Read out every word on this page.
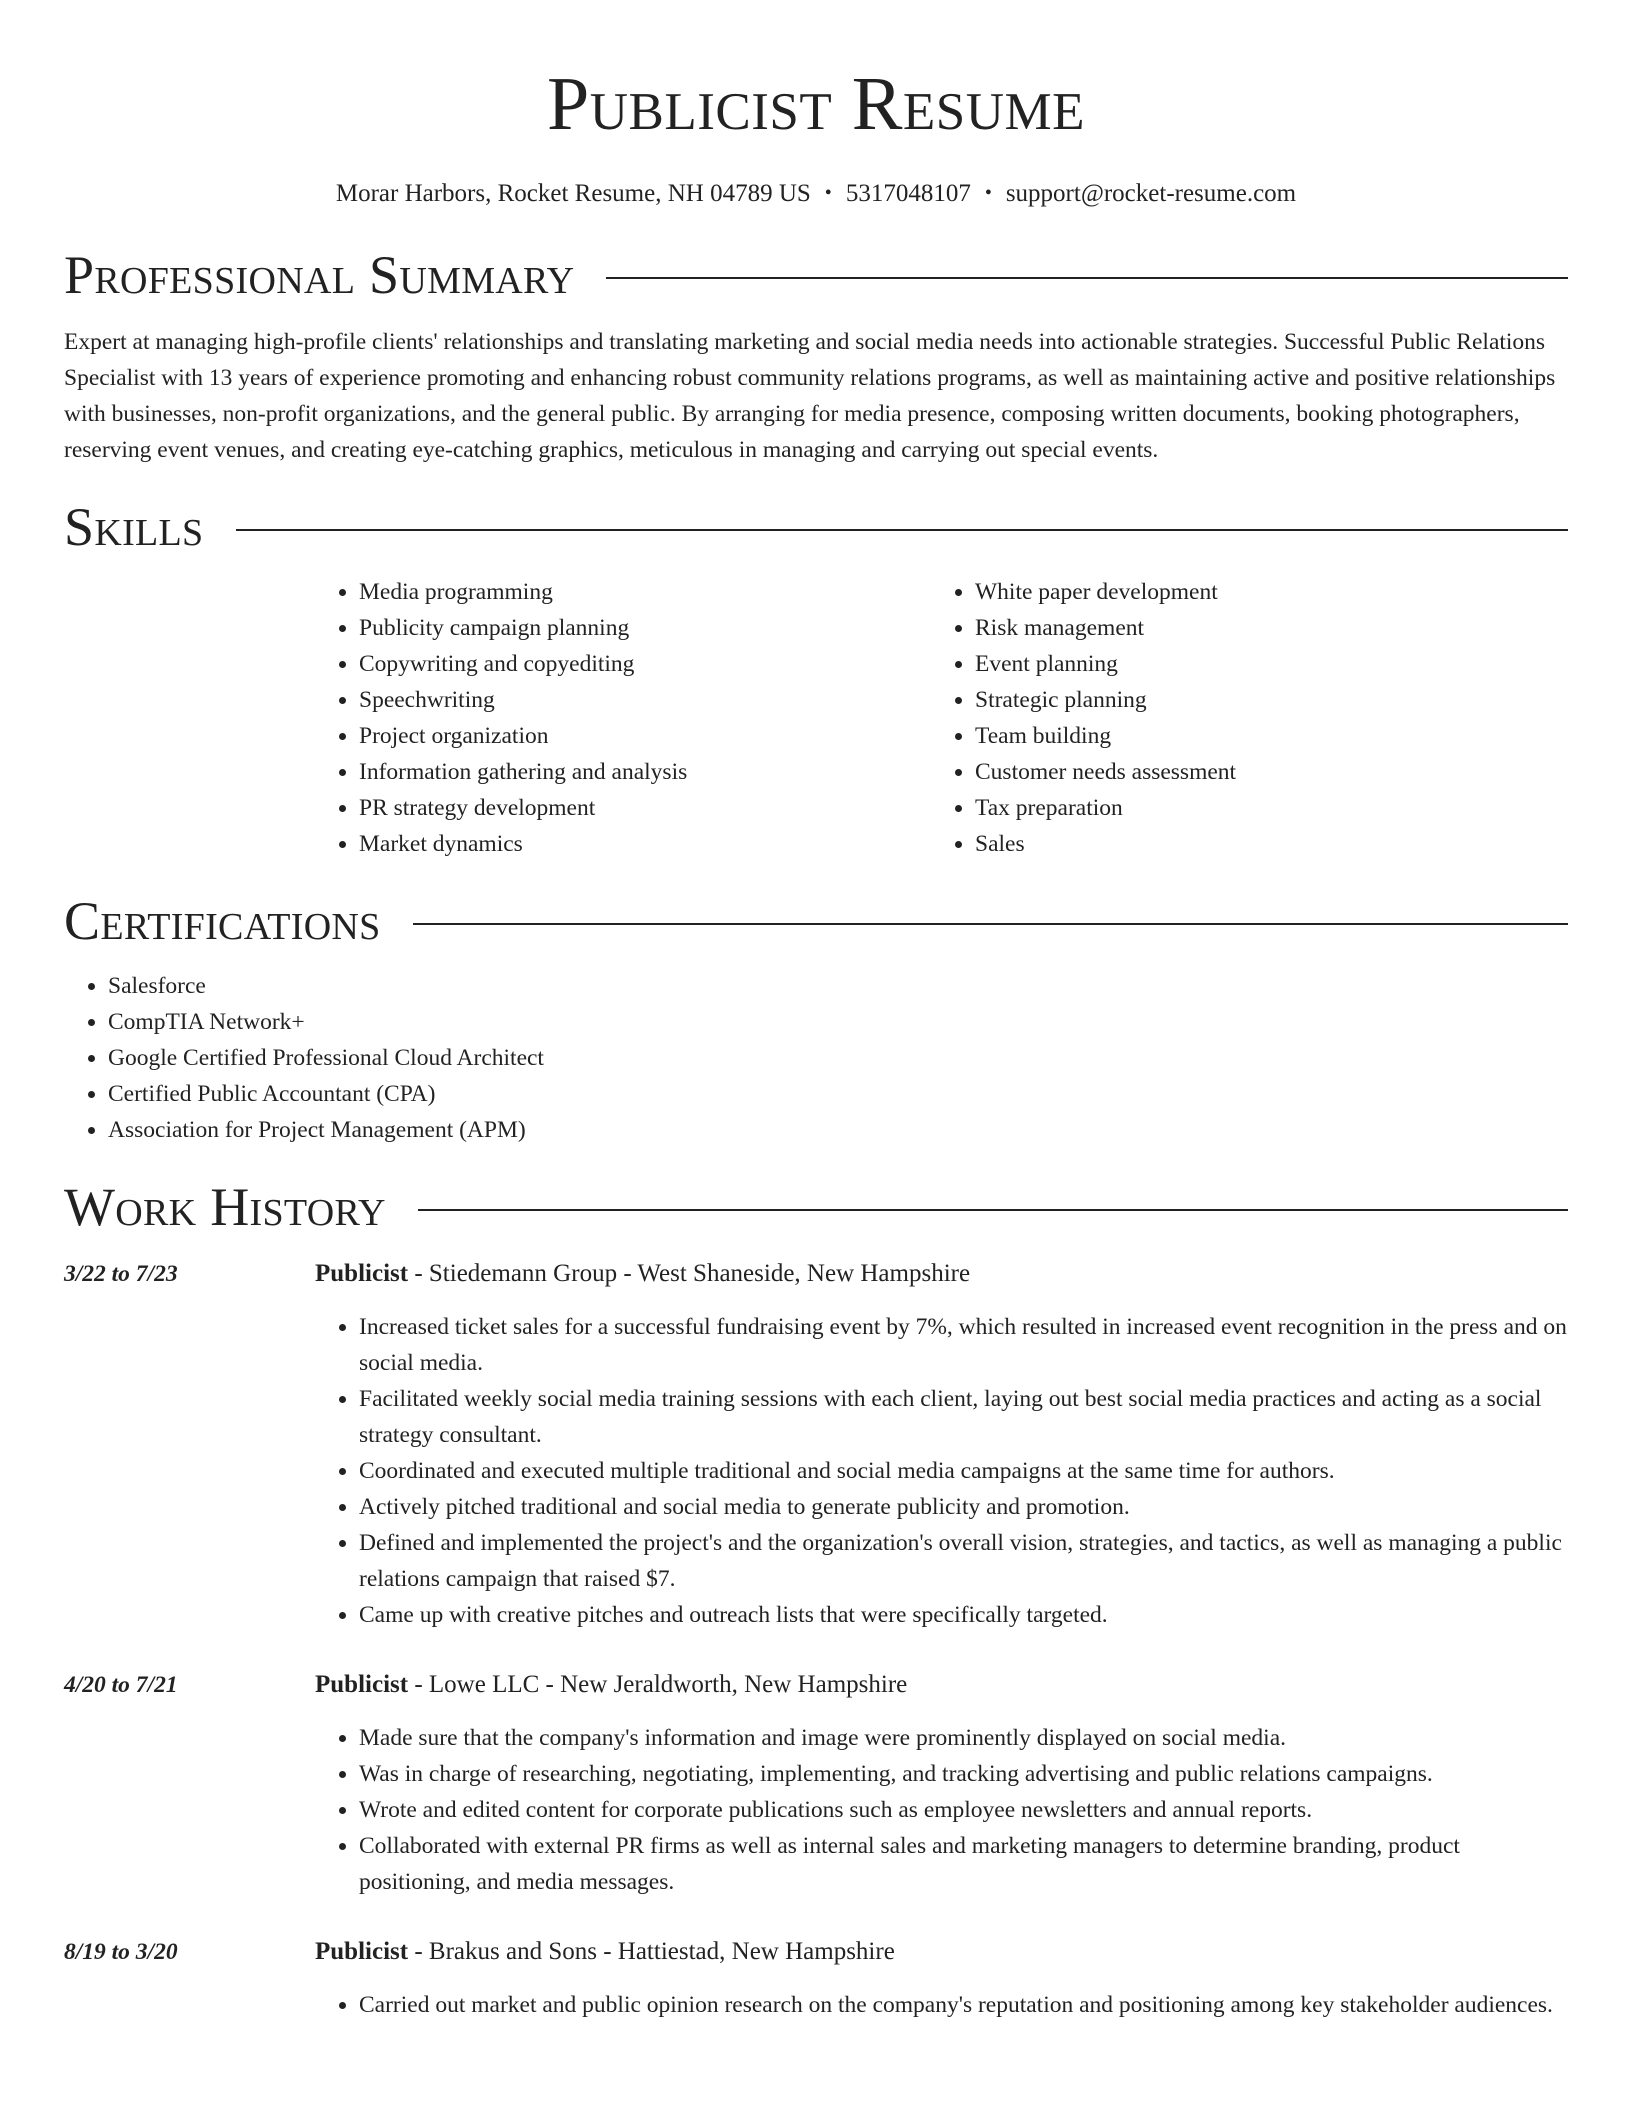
Publicist Resume
Morar Harbors, Rocket Resume, NH 04789 US • 5317048107 • support@rocket-resume.com
Professional Summary

Expert at managing high-profile clients' relationships and translating marketing and social media needs into actionable strategies. Successful Public Relations Specialist with 13 years of experience promoting and enhancing robust community relations programs, as well as maintaining active and positive relationships with businesses, non-profit organizations, and the general public. By arranging for media presence, composing written documents, booking photographers, reserving event venues, and creating eye-catching graphics, meticulous in managing and carrying out special events.

Skills
• Media programming
• Publicity campaign planning
• Copywriting and copyediting
• Speechwriting
• Project organization
• Information gathering and analysis
• PR strategy development
• Market dynamics
• White paper development
• Risk management
• Event planning
• Strategic planning
• Team building
• Customer needs assessment
• Tax preparation
• Sales
Certifications
• Salesforce
• CompTIA Network+
• Google Certified Professional Cloud Architect
• Certified Public Accountant (CPA)
• Association for Project Management (APM)
Work History
3/22 to 7/23	Publicist - Stiedemann Group - West Shaneside, New Hampshire
• Increased ticket sales for a successful fundraising event by 7%, which resulted in increased event recognition in the press and on social media.
• Facilitated weekly social media training sessions with each client, laying out best social media practices and acting as a social strategy consultant.
• Coordinated and executed multiple traditional and social media campaigns at the same time for authors.
• Actively pitched traditional and social media to generate publicity and promotion.
• Defined and implemented the project's and the organization's overall vision, strategies, and tactics, as well as managing a public relations campaign that raised $7.
• Came up with creative pitches and outreach lists that were specifically targeted.
4/20 to 7/21	Publicist - Lowe LLC - New Jeraldworth, New Hampshire
• Made sure that the company's information and image were prominently displayed on social media.
• Was in charge of researching, negotiating, implementing, and tracking advertising and public relations campaigns.
• Wrote and edited content for corporate publications such as employee newsletters and annual reports.
• Collaborated with external PR firms as well as internal sales and marketing managers to determine branding, product positioning, and media messages.
8/19 to 3/20	Publicist - Brakus and Sons - Hattiestad, New Hampshire
• Carried out market and public opinion research on the company's reputation and positioning among key stakeholder audiences.
